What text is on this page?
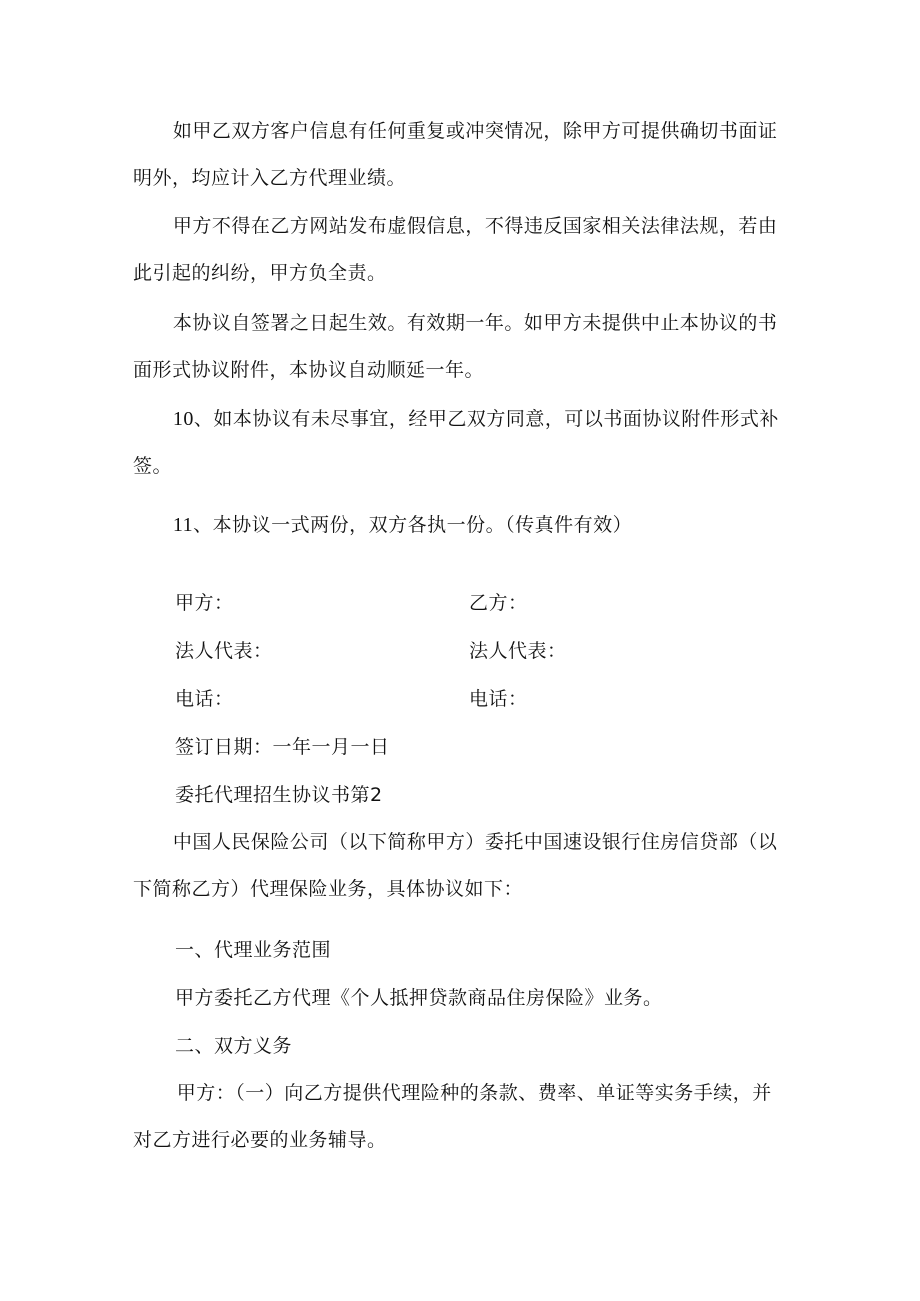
如甲乙双方客户信息有任何重复或冲突情况，除甲方可提供确切书面证明外，均应计入乙方代理业绩。

甲方不得在乙方网站发布虚假信息，不得违反国家相关法律法规，若由此引起的纠纷，甲方负全责。

本协议自签署之日起生效。有效期一年。如甲方未提供中止本协议的书面形式协议附件，本协议自动顺延一年。

10、如本协议有未尽事宜，经甲乙双方同意，可以书面协议附件形式补签。

11、本协议一式两份，双方各执一份。（传真件有效）

甲方：	乙方：

法人代表：	法人代表：

电话：	电话：

签订日期：一年一月一日

委托代理招生协议书第2

中国人民保险公司（以下简称甲方）委托中国速设银行住房信贷部（以下简称乙方）代理保险业务，具体协议如下：

一、代理业务范围

甲方委托乙方代理《个人抵押贷款商品住房保险》业务。

二、双方义务

甲方：（一）向乙方提供代理险种的条款、费率、单证等实务手续，并对乙方进行必要的业务辅导。
